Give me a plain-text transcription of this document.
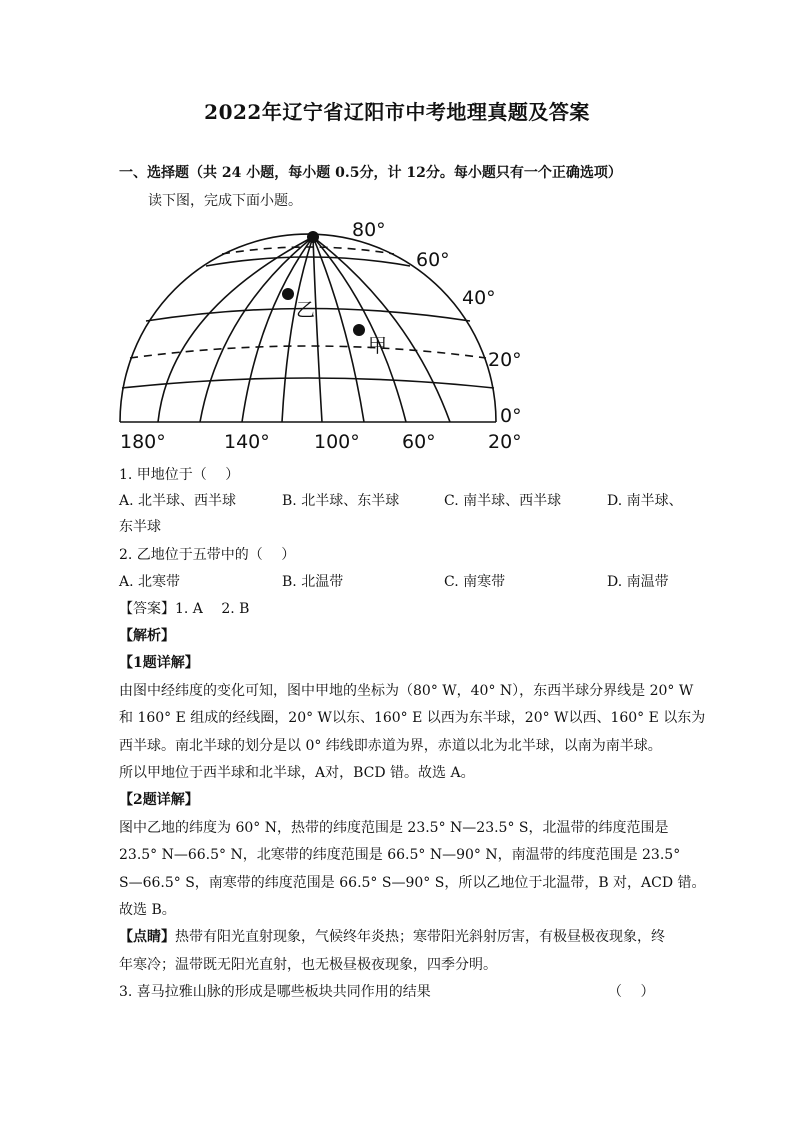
2022年辽宁省辽阳市中考地理真题及答案
一、选择题（共 24 小题，每小题 0.5分，计 12分。每小题只有一个正确选项）
读下图，完成下面小题。
乙
甲
80°
60°
40°
20°
0°
180°	140° 100° 60°	20°
1. 甲地位于（　 ）
A. 北半球、西半球	B. 北半球、东半球	C. 南半球、西半球	D. 南半球、
东半球
2. 乙地位于五带中的（　 ）
A. 北寒带	B. 北温带	C. 南寒带	D. 南温带
【答案】1. A　 2. B
【解析】
【1题详解】
由图中经纬度的变化可知，图中甲地的坐标为（80° W，40° N），东西半球分界线是 20° W
和 160° E 组成的经线圈，20° W以东、160° E 以西为东半球，20° W以西、160° E 以东为
西半球。南北半球的划分是以 0° 纬线即赤道为界，赤道以北为北半球，以南为南半球。
所以甲地位于西半球和北半球，A对，BCD 错。故选 A。
【2题详解】
图中乙地的纬度为 60° N，热带的纬度范围是 23.5° N—23.5° S，北温带的纬度范围是
23.5° N—66.5° N，北寒带的纬度范围是 66.5° N—90° N，南温带的纬度范围是 23.5°
S—66.5° S，南寒带的纬度范围是 66.5° S—90° S，所以乙地位于北温带，B 对，ACD 错。
故选 B。
【点睛】热带有阳光直射现象，气候终年炎热；寒带阳光斜射厉害，有极昼极夜现象，终
年寒冷；温带既无阳光直射，也无极昼极夜现象，四季分明。
3. 喜马拉雅山脉的形成是哪些板块共同作用的结果	（　 ）
